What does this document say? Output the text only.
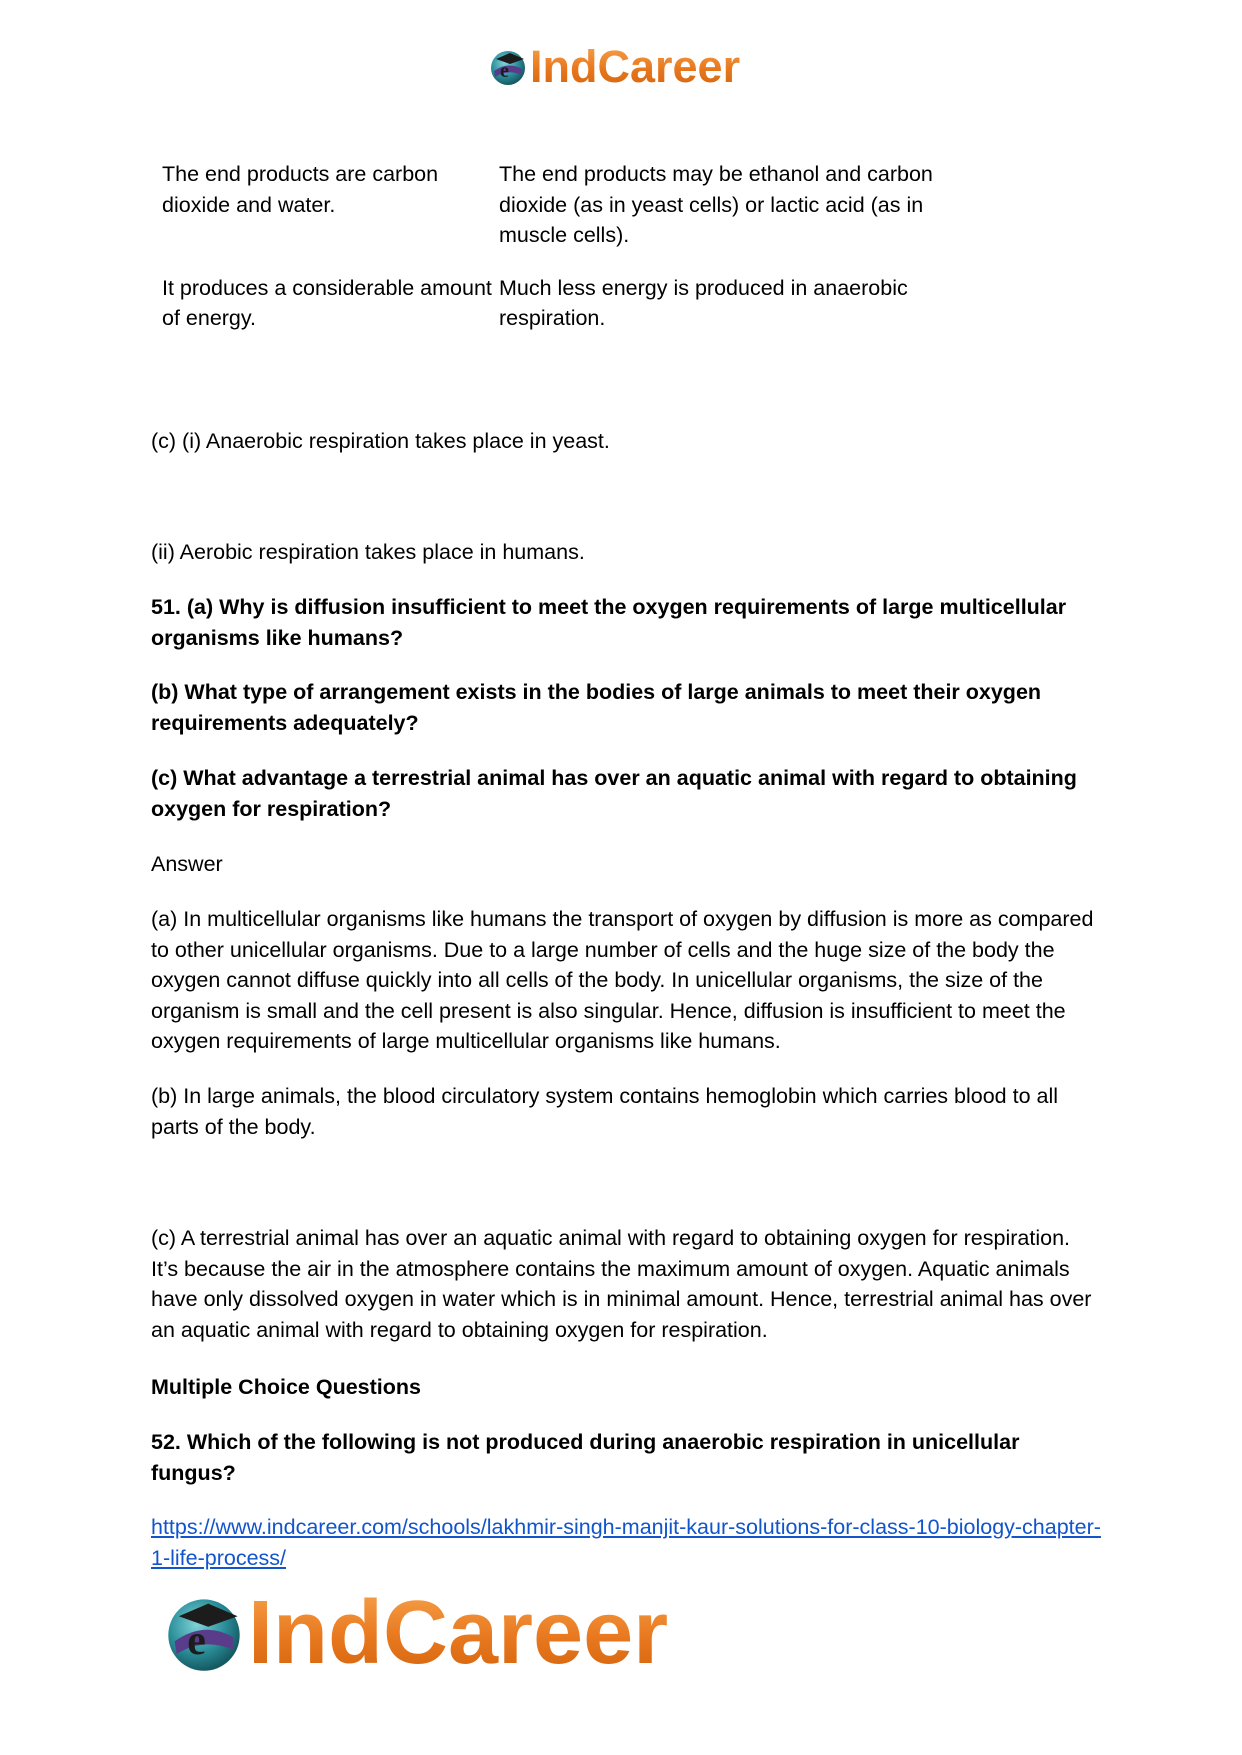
e IndCareer
The end products are carbon dioxide and water.
The end products may be ethanol and carbon dioxide (as in yeast cells) or lactic acid (as in muscle cells).
It produces a considerable amount of energy.
Much less energy is produced in anaerobic respiration.

(c) (i) Anaerobic respiration takes place in yeast.

(ii) Aerobic respiration takes place in humans.

51. (a) Why is diffusion insufficient to meet the oxygen requirements of large multicellular organisms like humans?

(b) What type of arrangement exists in the bodies of large animals to meet their oxygen requirements adequately?

(c) What advantage a terrestrial animal has over an aquatic animal with regard to obtaining oxygen for respiration?

Answer

(a) In multicellular organisms like humans the transport of oxygen by diffusion is more as compared to other unicellular organisms. Due to a large number of cells and the huge size of the body the oxygen cannot diffuse quickly into all cells of the body. In unicellular organisms, the size of the organism is small and the cell present is also singular. Hence, diffusion is insufficient to meet the oxygen requirements of large multicellular organisms like humans.

(b) In large animals, the blood circulatory system contains hemoglobin which carries blood to all parts of the body.

(c) A terrestrial animal has over an aquatic animal with regard to obtaining oxygen for respiration. It’s because the air in the atmosphere contains the maximum amount of oxygen. Aquatic animals have only dissolved oxygen in water which is in minimal amount. Hence, terrestrial animal has over an aquatic animal with regard to obtaining oxygen for respiration.

Multiple Choice Questions

52. Which of the following is not produced during anaerobic respiration in unicellular fungus?

https://www.indcareer.com/schools/lakhmir-singh-manjit-kaur-solutions-for-class-10-biology-chapter-1-life-process/

e IndCareer
